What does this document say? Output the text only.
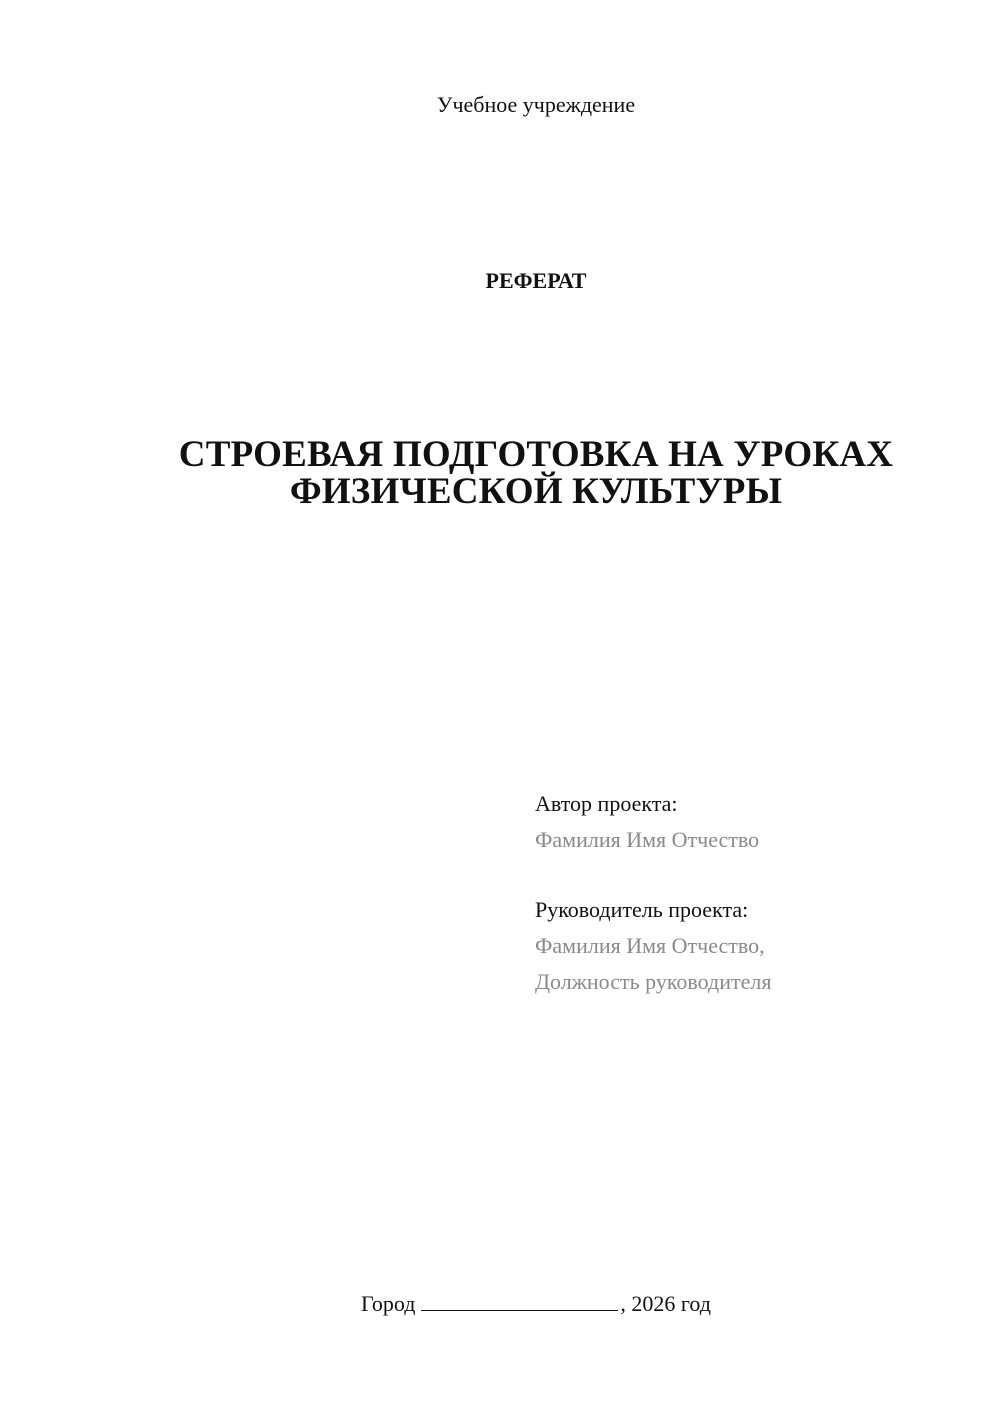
Учебное учреждение
РЕФЕРАТ
СТРОЕВАЯ ПОДГОТОВКА НА УРОКАХ
ФИЗИЧЕСКОЙ КУЛЬТУРЫ
Автор проекта:
Фамилия Имя Отчество
Руководитель проекта:
Фамилия Имя Отчество,
Должность руководителя
Город	, 2026 год
